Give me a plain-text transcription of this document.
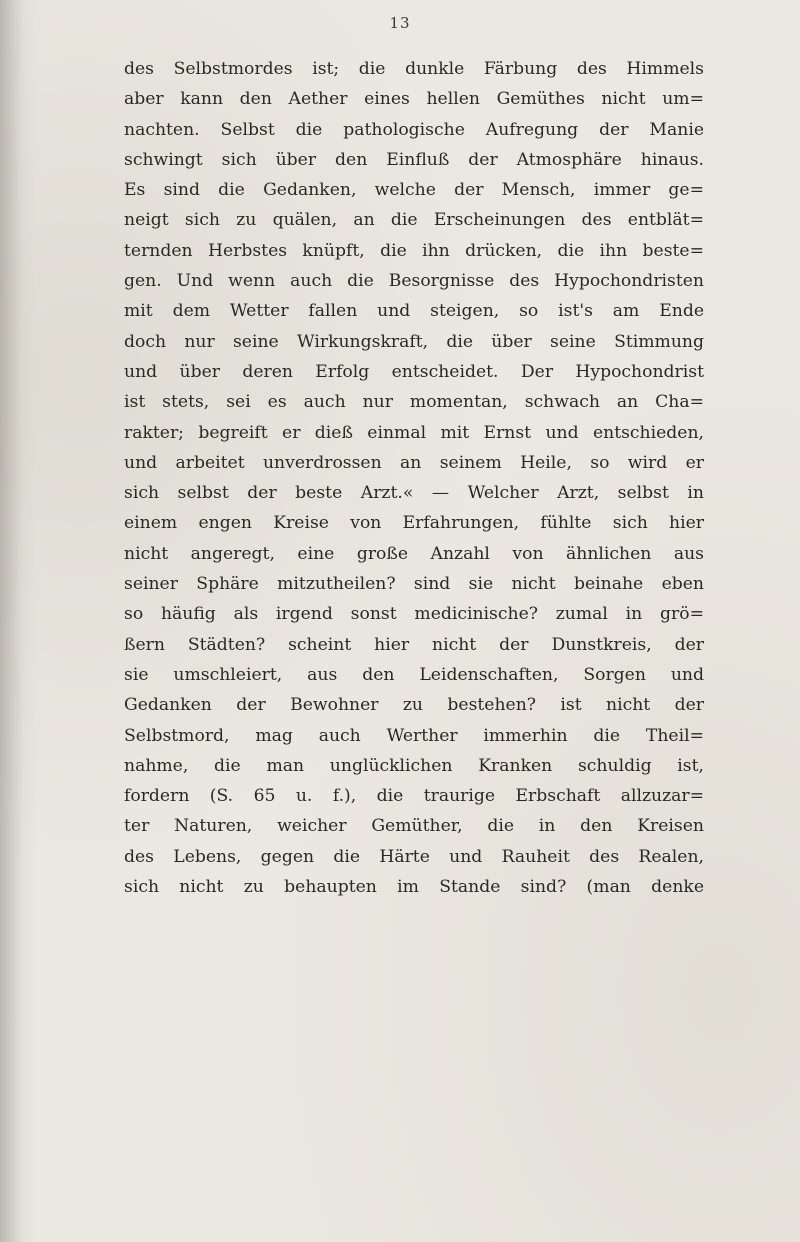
13
des Selbstmordes ist; die dunkle Färbung des Himmels
aber kann den Aether eines hellen Gemüthes nicht um=
nachten. Selbst die pathologische Aufregung der Manie
schwingt sich über den Einfluß der Atmosphäre hinaus.
Es sind die Gedanken, welche der Mensch, immer ge=
neigt sich zu quälen, an die Erscheinungen des entblät=
ternden Herbstes knüpft, die ihn drücken, die ihn beste=
gen. Und wenn auch die Besorgnisse des Hypochondristen
mit dem Wetter fallen und steigen, so ist's am Ende
doch nur seine Wirkungskraft, die über seine Stimmung
und über deren Erfolg entscheidet. Der Hypochondrist
ist stets, sei es auch nur momentan, schwach an Cha=
rakter; begreift er dieß einmal mit Ernst und entschieden,
und arbeitet unverdrossen an seinem Heile, so wird er
sich selbst der beste Arzt.« — Welcher Arzt, selbst in
einem engen Kreise von Erfahrungen, fühlte sich hier
nicht angeregt, eine große Anzahl von ähnlichen aus
seiner Sphäre mitzutheilen? sind sie nicht beinahe eben
so häufig als irgend sonst medicinische? zumal in grö=
ßern Städten? scheint hier nicht der Dunstkreis, der
sie umschleiert, aus den Leidenschaften, Sorgen und
Gedanken der Bewohner zu bestehen? ist nicht der
Selbstmord, mag auch Werther immerhin die Theil=
nahme, die man unglücklichen Kranken schuldig ist,
fordern (S. 65 u. f.), die traurige Erbschaft allzuzar=
ter Naturen, weicher Gemüther, die in den Kreisen
des Lebens, gegen die Härte und Rauheit des Realen,
sich nicht zu behaupten im Stande sind? (man denke
